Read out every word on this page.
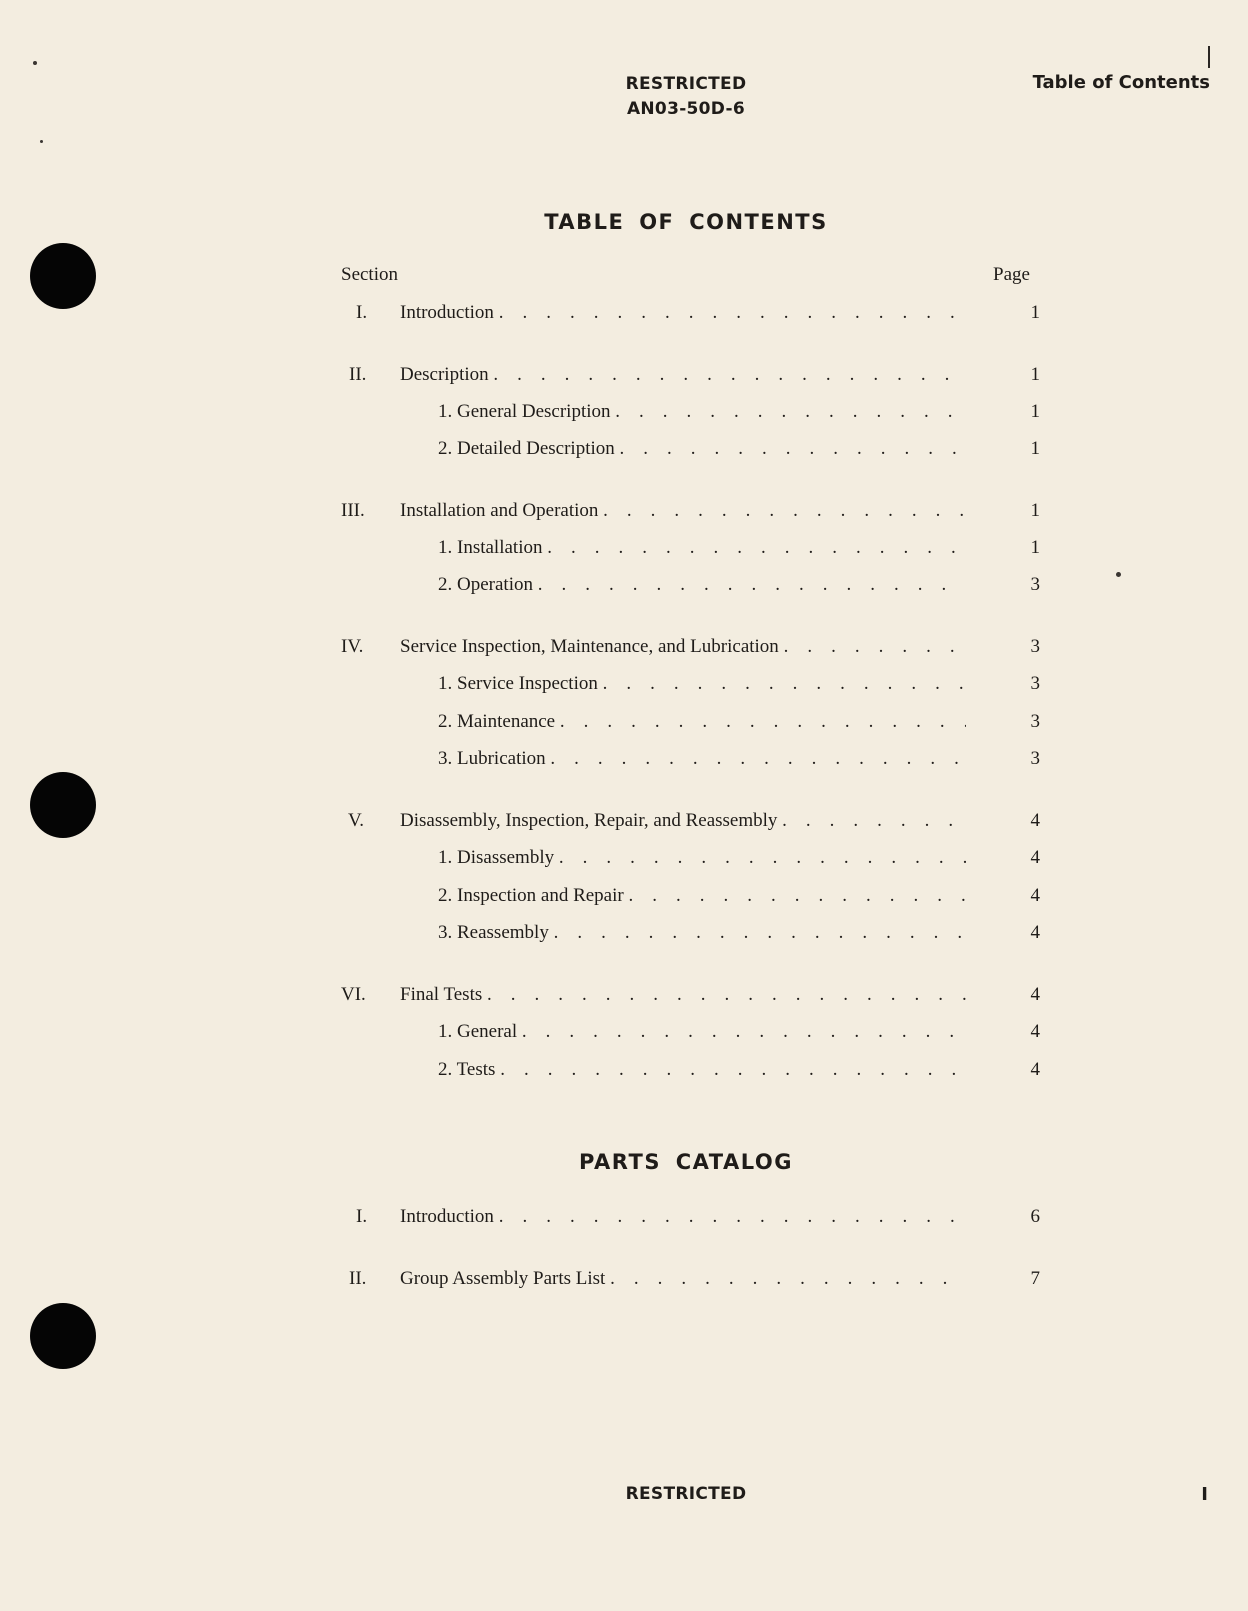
RESTRICTED
AN03-50D-6
Table of Contents
TABLE OF CONTENTS
Section	Page
I.	Introduction .	1
II.	Description .	1
1. General Description .	1
2. Detailed Description .	1
III.	Installation and Operation .	1
1. Installation .	1
2. Operation .	3
IV.	Service Inspection, Maintenance, and Lubrication .	3
1. Service Inspection .	3
2. Maintenance .	3
3. Lubrication .	3
V.	Disassembly, Inspection, Repair, and Reassembly .	4
1. Disassembly .	4
2. Inspection and Repair .	4
3. Reassembly .	4
VI.	Final Tests .	4
1. General .	4
2. Tests .	4
PARTS CATALOG
I.	Introduction .	6
II.	Group Assembly Parts List .	7
RESTRICTED	I
